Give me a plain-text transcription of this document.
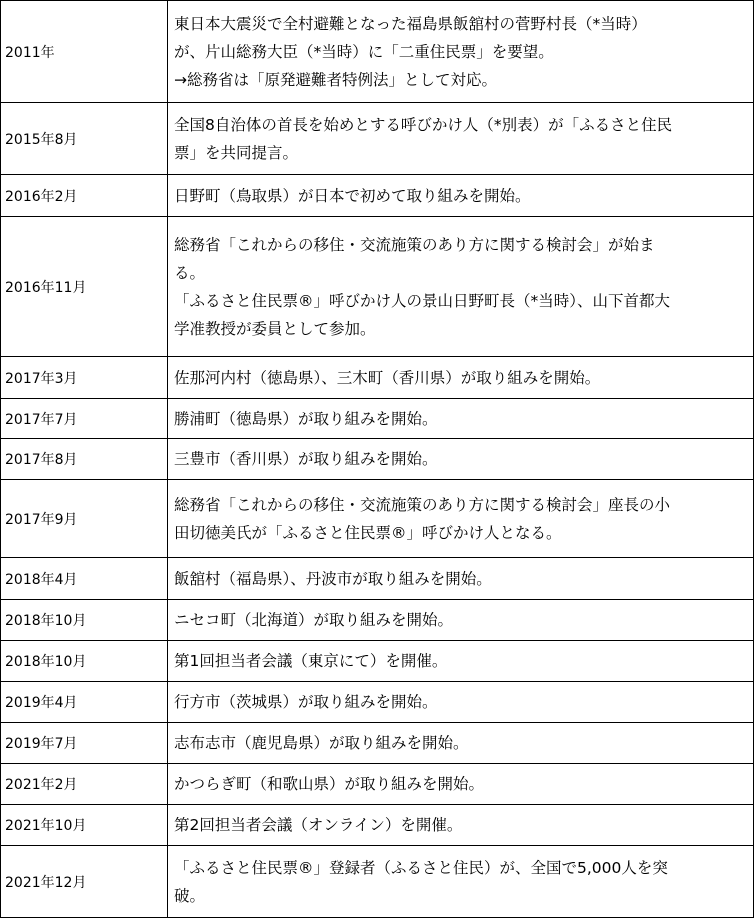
2011年	東日本大震災で全村避難となった福島県飯舘村の菅野村長（*当時）
が、片山総務大臣（*当時）に「二重住民票」を要望。
→総務省は「原発避難者特例法」として対応。

2015年8月	全国8自治体の首長を始めとする呼びかけ人（*別表）が「ふるさと住民
票」を共同提言。

2016年2月	日野町（鳥取県）が日本で初めて取り組みを開始。

2016年11月	総務省「これからの移住・交流施策のあり方に関する検討会」が始ま
る。
「ふるさと住民票®」呼びかけ人の景山日野町長（*当時）、山下首都大
学准教授が委員として参加。

2017年3月	佐那河内村（徳島県）、三木町（香川県）が取り組みを開始。

2017年7月	勝浦町（徳島県）が取り組みを開始。

2017年8月	三豊市（香川県）が取り組みを開始。

2017年9月	総務省「これからの移住・交流施策のあり方に関する検討会」座長の小
田切徳美氏が「ふるさと住民票®」呼びかけ人となる。

2018年4月	飯舘村（福島県）、丹波市が取り組みを開始。

2018年10月	ニセコ町（北海道）が取り組みを開始。

2018年10月	第1回担当者会議（東京にて）を開催。

2019年4月	行方市（茨城県）が取り組みを開始。

2019年7月	志布志市（鹿児島県）が取り組みを開始。

2021年2月	かつらぎ町（和歌山県）が取り組みを開始。

2021年10月	第2回担当者会議（オンライン）を開催。

2021年12月	「ふるさと住民票®」登録者（ふるさと住民）が、全国で5,000人を突
破。
